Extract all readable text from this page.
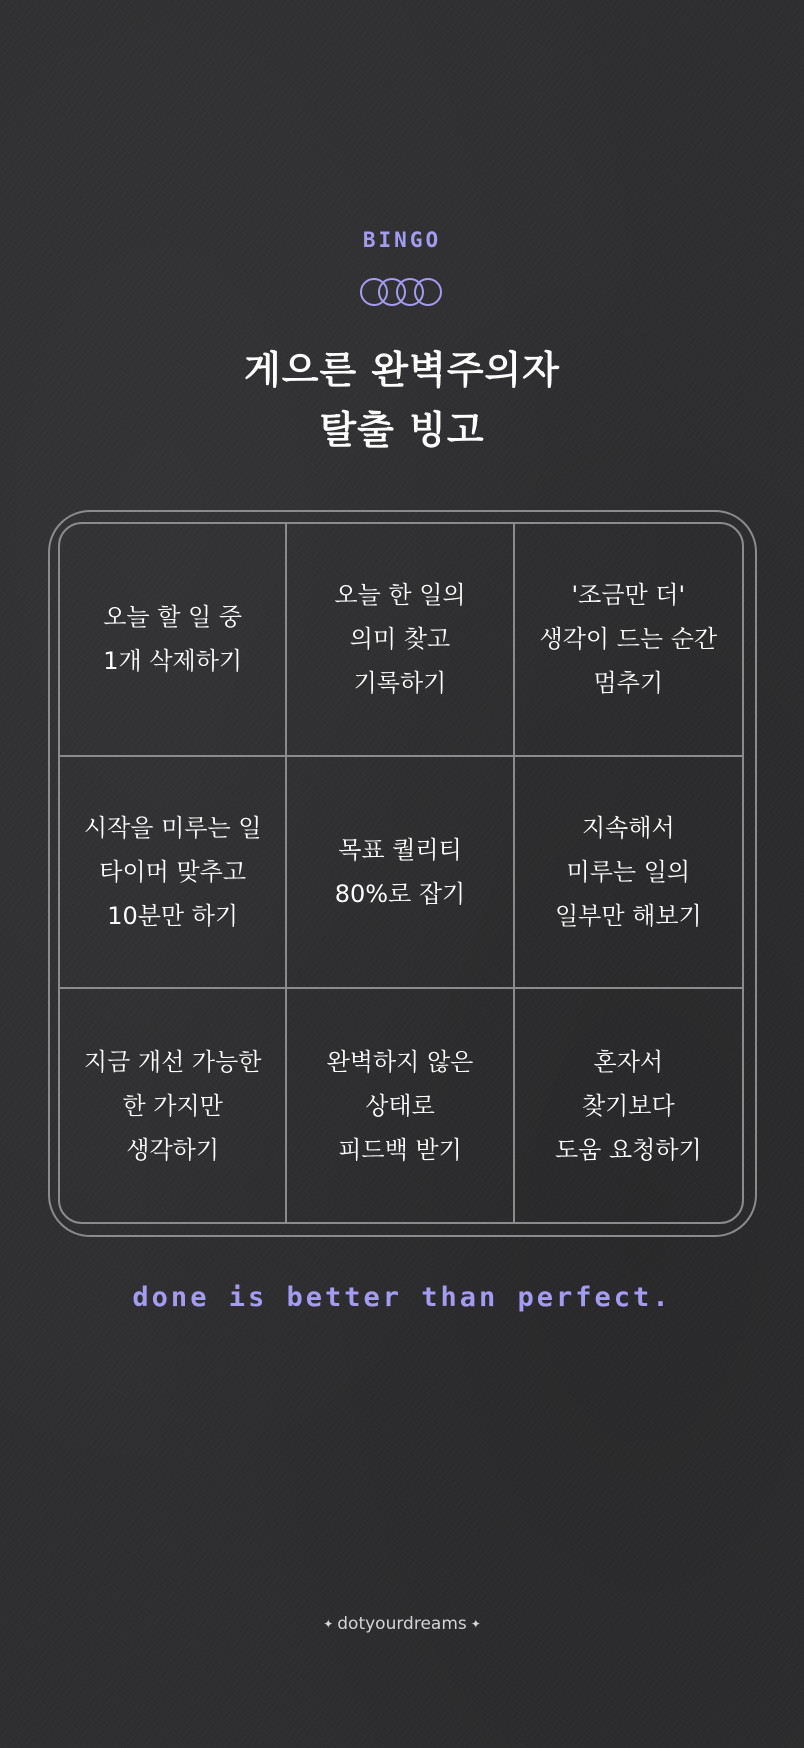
BINGO
게으른 완벽주의자
탈출 빙고
오늘 할 일 중
1개 삭제하기
오늘 한 일의
의미 찾고
기록하기
'조금만 더'
생각이 드는 순간
멈추기
시작을 미루는 일
타이머 맞추고
10분만 하기
목표 퀄리티
80%로 잡기
지속해서
미루는 일의
일부만 해보기
지금 개선 가능한
한 가지만
생각하기
완벽하지 않은
상태로
피드백 받기
혼자서
찾기보다
도움 요청하기
done is better than perfect.
✦ dotyourdreams ✦
